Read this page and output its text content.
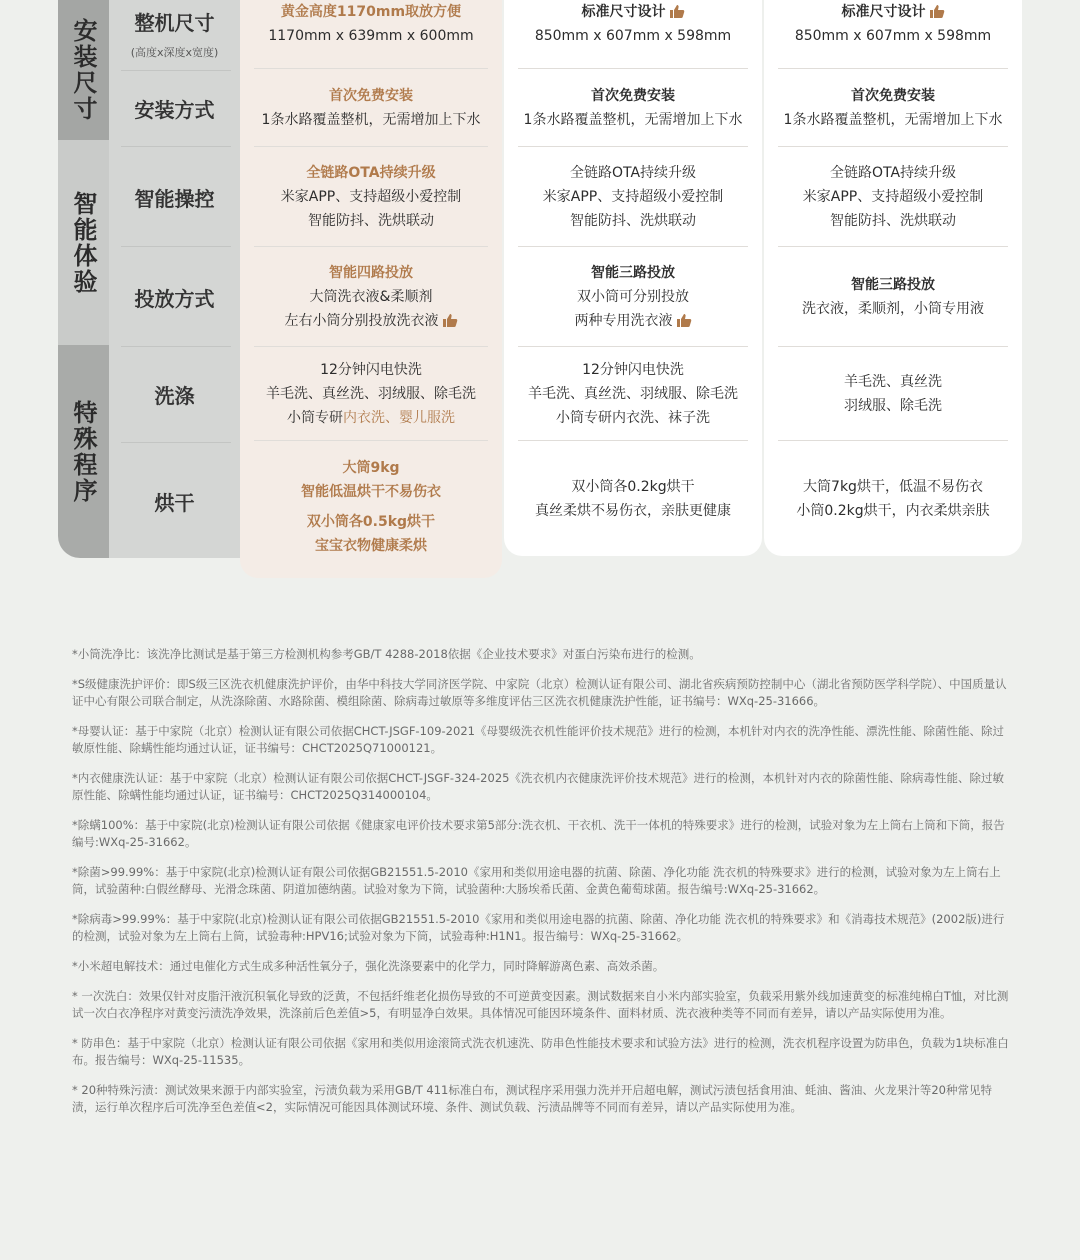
安装尺寸
智能体验
特殊程序
整机尺寸
(高度x深度x宽度)
安装方式
智能操控
投放方式
洗涤
烘干
黄金高度1170mm取放方便
1170mm x 639mm x 600mm
首次免费安装
1条水路覆盖整机，无需增加上下水
全链路OTA持续升级
米家APP、支持超级小爱控制
智能防抖、洗烘联动
智能四路投放
大筒洗衣液&柔顺剂
左右小筒分别投放洗衣液
12分钟闪电快洗
羊毛洗、真丝洗、羽绒服、除毛洗
小筒专研内衣洗、婴儿服洗
大筒9kg
智能低温烘干不易伤衣
双小筒各0.5kg烘干
宝宝衣物健康柔烘
标准尺寸设计
850mm x 607mm x 598mm
首次免费安装
1条水路覆盖整机，无需增加上下水
全链路OTA持续升级
米家APP、支持超级小爱控制
智能防抖、洗烘联动
智能三路投放
双小筒可分别投放
两种专用洗衣液
12分钟闪电快洗
羊毛洗、真丝洗、羽绒服、除毛洗
小筒专研内衣洗、袜子洗
双小筒各0.2kg烘干
真丝柔烘不易伤衣，亲肤更健康
标准尺寸设计
850mm x 607mm x 598mm
首次免费安装
1条水路覆盖整机，无需增加上下水
全链路OTA持续升级
米家APP、支持超级小爱控制
智能防抖、洗烘联动
智能三路投放
洗衣液，柔顺剂，小筒专用液
羊毛洗、真丝洗
羽绒服、除毛洗
大筒7kg烘干，低温不易伤衣
小筒0.2kg烘干，内衣柔烘亲肤
*小筒洗净比：该洗净比测试是基于第三方检测机构参考GB/T 4288-2018依据《企业技术要求》对蛋白污染布进行的检测。
*S级健康洗护评价：即S级三区洗衣机健康洗护评价，由华中科技大学同济医学院、中家院（北京）检测认证有限公司、湖北省疾病预防控制中心（湖北省预防医学科学院）、中国质量认证中心有限公司联合制定，从洗涤除菌、水路除菌、模组除菌、除病毒过敏原等多维度评估三区洗衣机健康洗护性能，证书编号：WXq-25-31666。
*母婴认证：基于中家院（北京）检测认证有限公司依据CHCT-JSGF-109-2021《母婴级洗衣机性能评价技术规范》进行的检测，本机针对内衣的洗净性能、漂洗性能、除菌性能、除过敏原性能、除螨性能均通过认证，证书编号：CHCT2025Q71000121。
*内衣健康洗认证：基于中家院（北京）检测认证有限公司依据CHCT-JSGF-324-2025《洗衣机内衣健康洗评价技术规范》进行的检测，本机针对内衣的除菌性能、除病毒性能、除过敏原性能、除螨性能均通过认证，证书编号：CHCT2025Q314000104。
*除螨100%：基于中家院(北京)检测认证有限公司依据《健康家电评价技术要求第5部分:洗衣机、干衣机、洗干一体机的特殊要求》进行的检测，试验对象为左上筒右上筒和下筒，报告编号:WXq-25-31662。
*除菌>99.99%：基于中家院(北京)检测认证有限公司依据GB21551.5-2010《家用和类似用途电器的抗菌、除菌、净化功能 洗衣机的特殊要求》进行的检测，试验对象为左上筒右上筒，试验菌种:白假丝酵母、光滑念珠菌、阴道加德纳菌。试验对象为下筒，试验菌种:大肠埃希氏菌、金黄色葡萄球菌。报告编号:WXq-25-31662。
*除病毒>99.99%：基于中家院(北京)检测认证有限公司依据GB21551.5-2010《家用和类似用途电器的抗菌、除菌、净化功能 洗衣机的特殊要求》和《消毒技术规范》(2002版)进行的检测，试验对象为左上筒右上筒，试验毒种:HPV16;试验对象为下筒，试验毒种:H1N1。报告编号：WXq-25-31662。
*小米超电解技术：通过电催化方式生成多种活性氧分子，强化洗涤要素中的化学力，同时降解游离色素、高效杀菌。
* 一次洗白：效果仅针对皮脂汗液沉积氧化导致的泛黄，不包括纤维老化损伤导致的不可逆黄变因素。测试数据来自小米内部实验室，负载采用紫外线加速黄变的标准纯棉白T恤，对比测试一次白衣净程序对黄变污渍洗净效果，洗涤前后色差值>5，有明显净白效果。具体情况可能因环境条件、面料材质、洗衣液种类等不同而有差异，请以产品实际使用为准。
* 防串色：基于中家院（北京）检测认证有限公司依据《家用和类似用途滚筒式洗衣机速洗、防串色性能技术要求和试验方法》进行的检测，洗衣机程序设置为防串色，负载为1块标准白布。报告编号：WXq-25-11535。
* 20种特殊污渍：测试效果来源于内部实验室，污渍负载为采用GB/T 411标准白布，测试程序采用强力洗并开启超电解，测试污渍包括食用油、蚝油、酱油、火龙果汁等20种常见特渍，运行单次程序后可洗净至色差值<2，实际情况可能因具体测试环境、条件、测试负载、污渍品牌等不同而有差异，请以产品实际使用为准。
